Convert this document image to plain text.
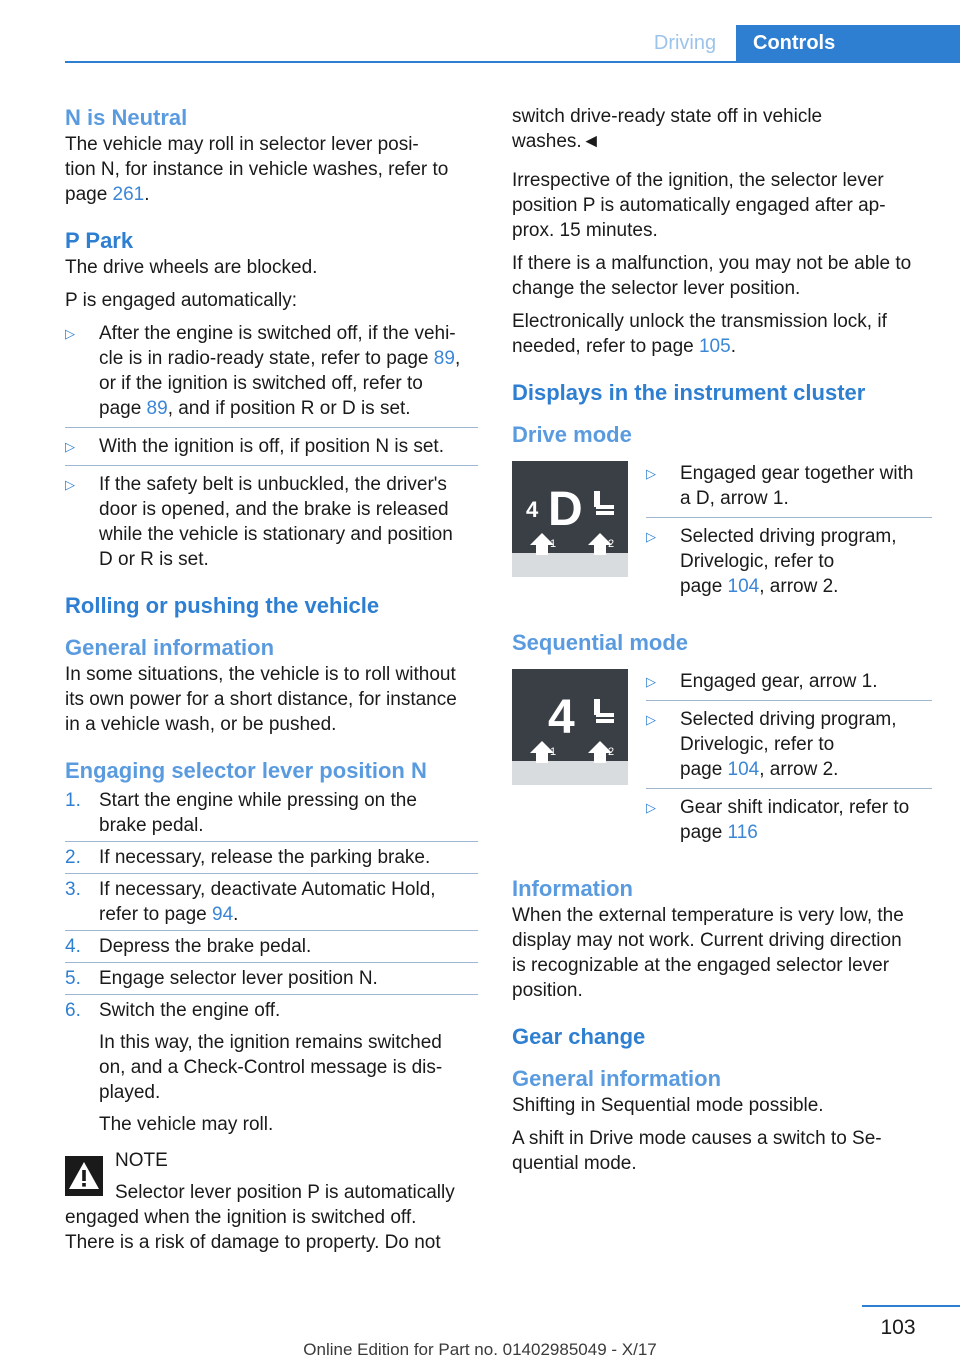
Driving	Controls
N is Neutral
The vehicle may roll in selector lever posi‐
tion N, for instance in vehicle washes, refer to
page 261.
P Park
The drive wheels are blocked.
P is engaged automatically:
▷ After the engine is switched off, if the vehi‐
cle is in radio-ready state, refer to page 89,
or if the ignition is switched off, refer to
page 89, and if position R or D is set.
▷ With the ignition is off, if position N is set.
▷ If the safety belt is unbuckled, the driver's
door is opened, and the brake is released
while the vehicle is stationary and position
D or R is set.
Rolling or pushing the vehicle
General information
In some situations, the vehicle is to roll without
its own power for a short distance, for instance
in a vehicle wash, or be pushed.
Engaging selector lever position N
1. Start the engine while pressing on the
brake pedal.
2. If necessary, release the parking brake.
3. If necessary, deactivate Automatic Hold,
refer to page 94.
4. Depress the brake pedal.
5. Engage selector lever position N.
6. Switch the engine off.
In this way, the ignition remains switched
on, and a Check-Control message is dis‐
played.
The vehicle may roll.
NOTE
Selector lever position P is automatically
engaged when the ignition is switched off.
There is a risk of damage to property. Do not
switch drive-ready state off in vehicle
washes.◄
Irrespective of the ignition, the selector lever
position P is automatically engaged after ap‐
prox. 15 minutes.
If there is a malfunction, you may not be able to
change the selector lever position.
Electronically unlock the transmission lock, if
needed, refer to page 105.
Displays in the instrument cluster
Drive mode
4 D
1	2
▷ Engaged gear together with
a D, arrow 1.
▷ Selected driving program,
Drivelogic, refer to
page 104, arrow 2.
Sequential mode
4
1	2
▷ Engaged gear, arrow 1.
▷ Selected driving program,
Drivelogic, refer to
page 104, arrow 2.
▷ Gear shift indicator, refer to
page 116
Information
When the external temperature is very low, the
display may not work. Current driving direction
is recognizable at the engaged selector lever
position.
Gear change
General information
Shifting in Sequential mode possible.
A shift in Drive mode causes a switch to Se‐
quential mode.
103
Online Edition for Part no. 01402985049 - X/17
